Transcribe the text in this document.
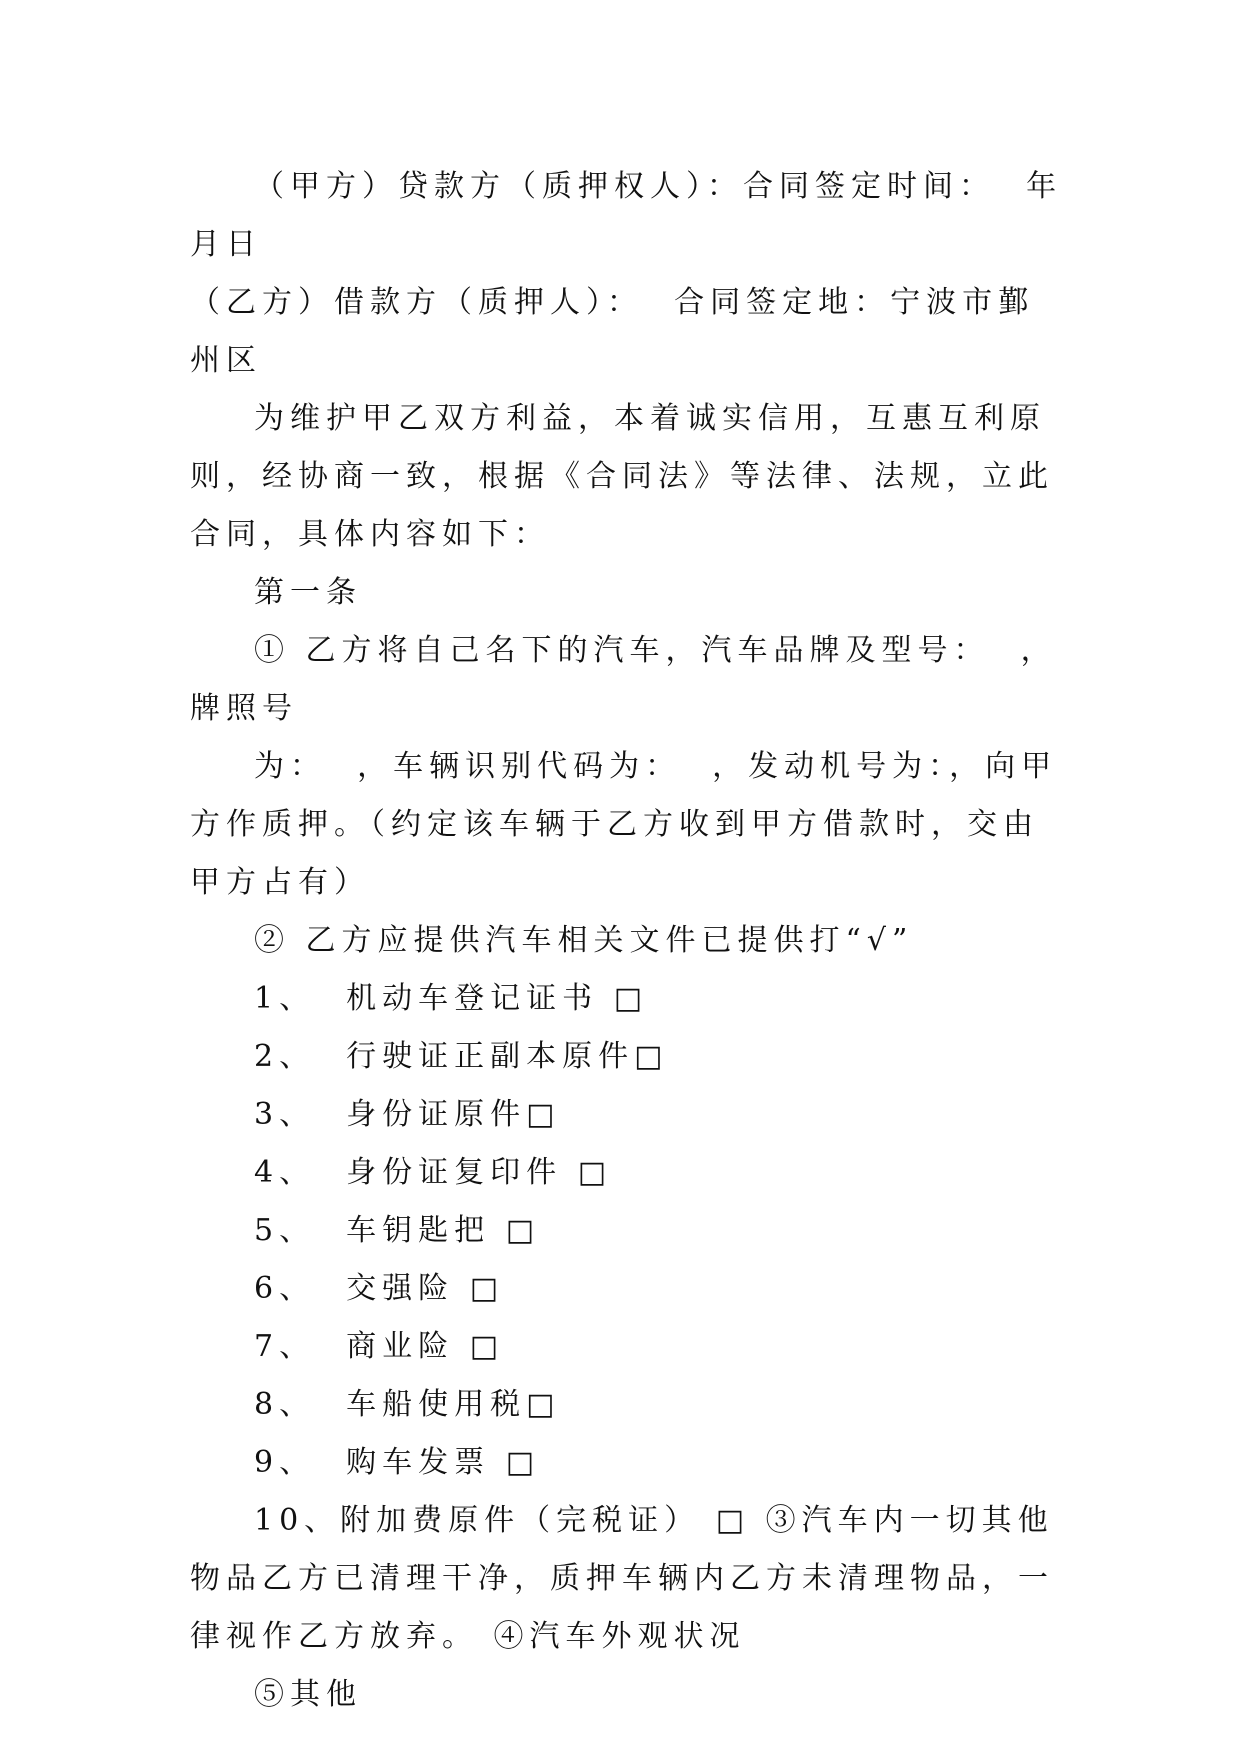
（甲方）贷款方（质押权人）：合同签定时间：  年月日

（乙方）借款方（质押人）：  合同签定地：宁波市鄞州区

为维护甲乙双方利益，本着诚实信用，互惠互利原则，经协商一致，根据《合同法》等法律、法规，立此合同，具体内容如下：

第一条

① 乙方将自己名下的汽车，汽车品牌及型号：  ，牌照号

为：  ，车辆识别代码为：  ，发动机号为：，向甲方作质押。（约定该车辆于乙方收到甲方借款时，交由甲方占有）

② 乙方应提供汽车相关文件已提供打“√”

1、  机动车登记证书 □

2、  行驶证正副本原件□

3、  身份证原件□

4、  身份证复印件 □

5、  车钥匙把 □

6、  交强险 □

7、  商业险 □

8、  车船使用税□

9、  购车发票 □

10、附加费原件（完税证） □ ③汽车内一切其他物品乙方已清理干净，质押车辆内乙方未清理物品，一律视作乙方放弃。 ④汽车外观状况

⑤其他
